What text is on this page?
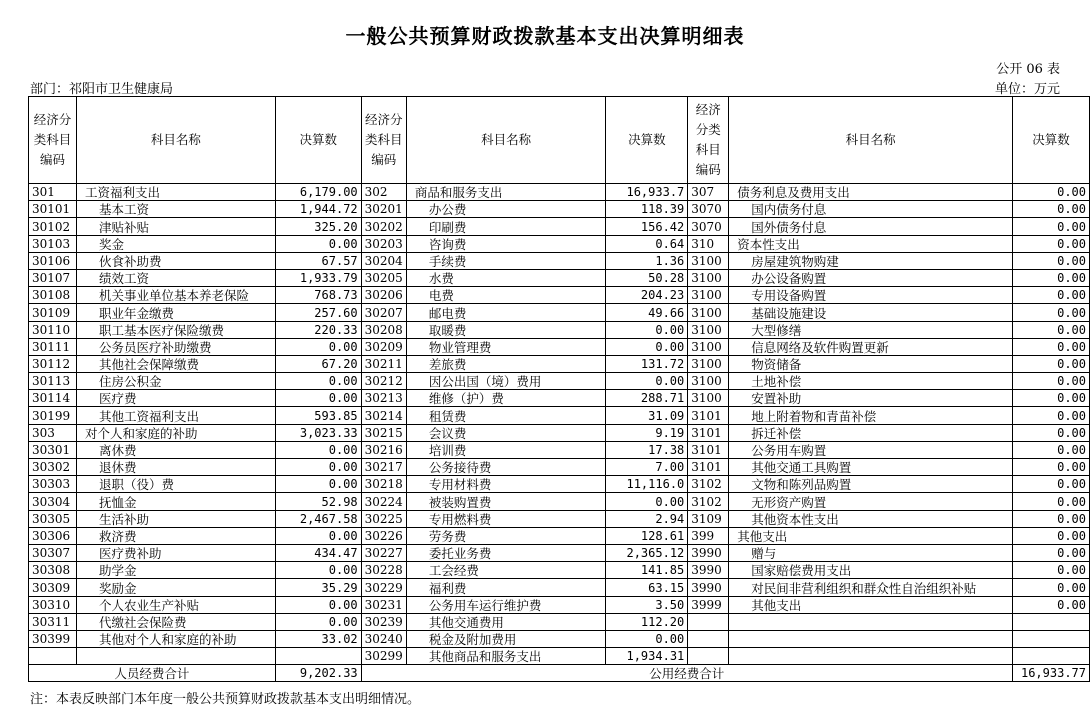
一般公共预算财政拨款基本支出决算明细表
公开 06 表
部门：祁阳市卫生健康局	单位：万元
经济分类科目编码	科目名称	决算数	经济分类科目编码	科目名称	决算数	经济分类科目编码	科目名称	决算数
301	工资福利支出	6,179.00	302	商品和服务支出	16,933.7	307	债务利息及费用支出	0.00
30101	基本工资	1,944.72	30201	办公费	118.39	3070	国内债务付息	0.00
30102	津贴补贴	325.20	30202	印刷费	156.42	3070	国外债务付息	0.00
30103	奖金	0.00	30203	咨询费	0.64	310	资本性支出	0.00
30106	伙食补助费	67.57	30204	手续费	1.36	3100	房屋建筑物购建	0.00
30107	绩效工资	1,933.79	30205	水费	50.28	3100	办公设备购置	0.00
30108	机关事业单位基本养老保险	768.73	30206	电费	204.23	3100	专用设备购置	0.00
30109	职业年金缴费	257.60	30207	邮电费	49.66	3100	基础设施建设	0.00
30110	职工基本医疗保险缴费	220.33	30208	取暖费	0.00	3100	大型修缮	0.00
30111	公务员医疗补助缴费	0.00	30209	物业管理费	0.00	3100	信息网络及软件购置更新	0.00
30112	其他社会保障缴费	67.20	30211	差旅费	131.72	3100	物资储备	0.00
30113	住房公积金	0.00	30212	因公出国（境）费用	0.00	3100	土地补偿	0.00
30114	医疗费	0.00	30213	维修（护）费	288.71	3100	安置补助	0.00
30199	其他工资福利支出	593.85	30214	租赁费	31.09	3101	地上附着物和青苗补偿	0.00
303	对个人和家庭的补助	3,023.33	30215	会议费	9.19	3101	拆迁补偿	0.00
30301	离休费	0.00	30216	培训费	17.38	3101	公务用车购置	0.00
30302	退休费	0.00	30217	公务接待费	7.00	3101	其他交通工具购置	0.00
30303	退职（役）费	0.00	30218	专用材料费	11,116.0	3102	文物和陈列品购置	0.00
30304	抚恤金	52.98	30224	被装购置费	0.00	3102	无形资产购置	0.00
30305	生活补助	2,467.58	30225	专用燃料费	2.94	3109	其他资本性支出	0.00
30306	救济费	0.00	30226	劳务费	128.61	399	其他支出	0.00
30307	医疗费补助	434.47	30227	委托业务费	2,365.12	3990	赠与	0.00
30308	助学金	0.00	30228	工会经费	141.85	3990	国家赔偿费用支出	0.00
30309	奖励金	35.29	30229	福利费	63.15	3990	对民间非营利组织和群众性自治组织补贴	0.00
30310	个人农业生产补贴	0.00	30231	公务用车运行维护费	3.50	3999	其他支出	0.00
30311	代缴社会保险费	0.00	30239	其他交通费用	112.20			
30399	其他对个人和家庭的补助	33.02	30240	税金及附加费用	0.00			
			30299	其他商品和服务支出	1,934.31			
人员经费合计		9,202.33	公用经费合计					16,933.77
注：本表反映部门本年度一般公共预算财政拨款基本支出明细情况。
